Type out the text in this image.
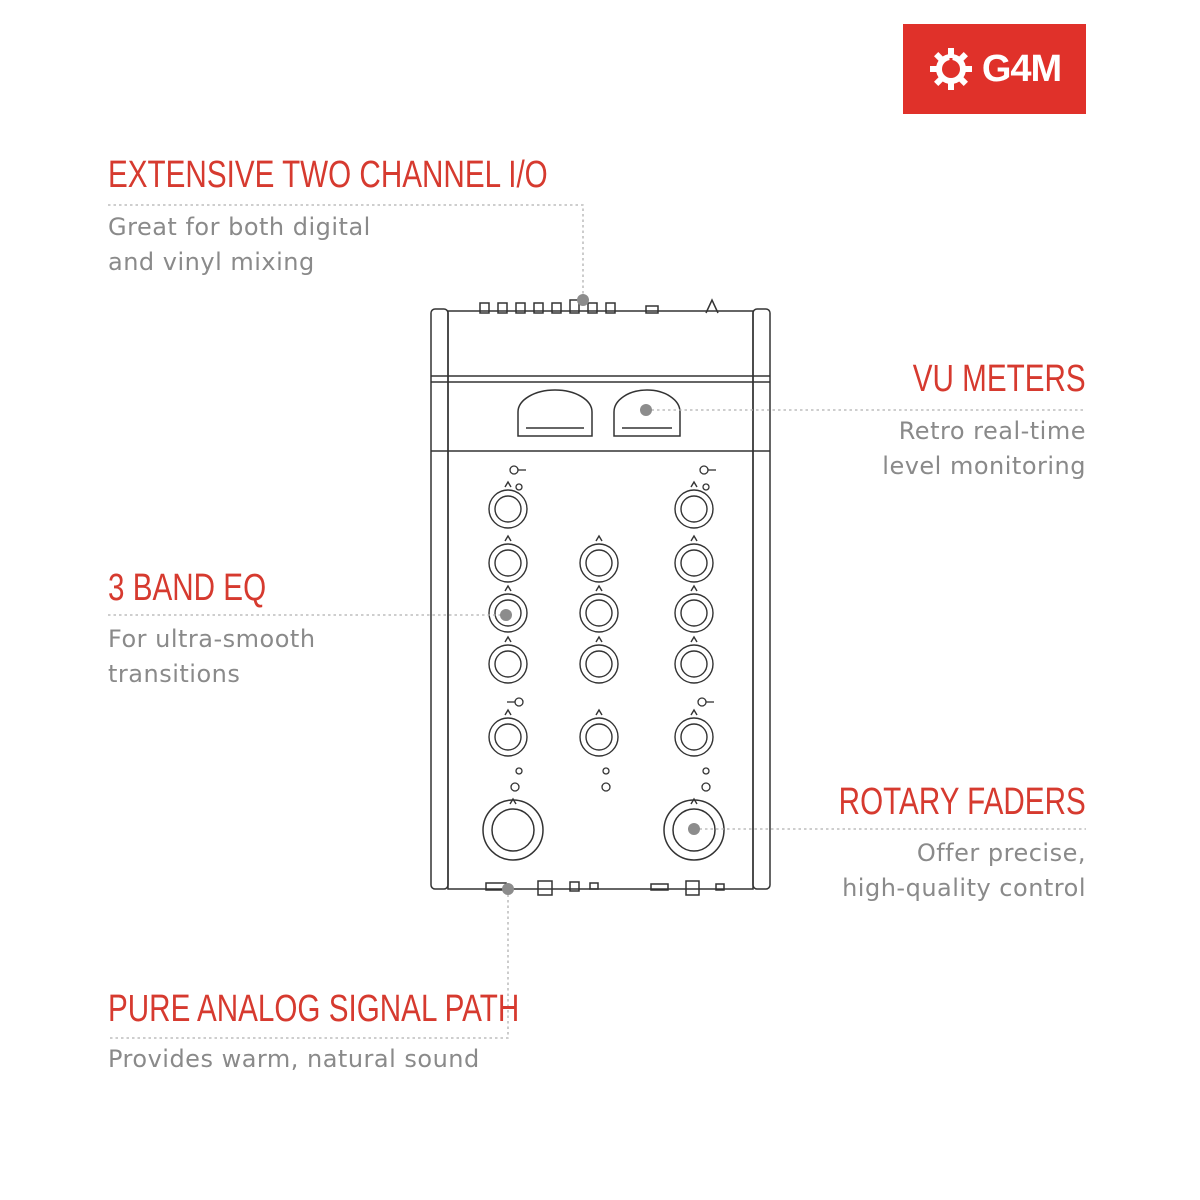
G4M
EXTENSIVE TWO CHANNEL I/O
Great for both digital
and vinyl mixing
VU METERS
Retro real-time
level monitoring
3 BAND EQ
For ultra-smooth
transitions
ROTARY FADERS
Offer precise,
high-quality control
PURE ANALOG SIGNAL PATH
Provides warm, natural sound
